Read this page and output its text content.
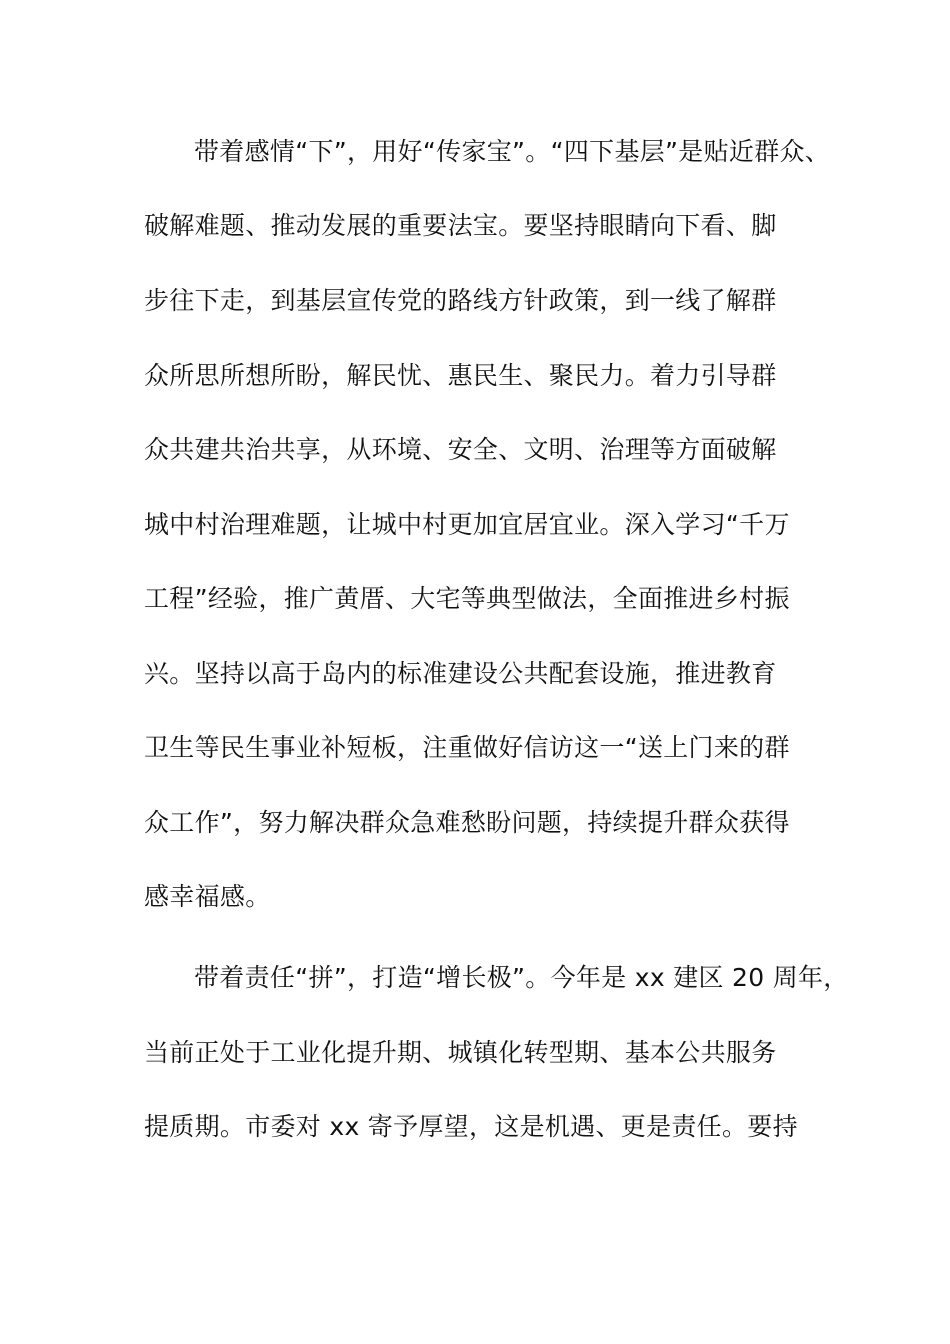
带着感情“下”，用好“传家宝”。“四下基层”是贴近群众、
破解难题、推动发展的重要法宝。要坚持眼睛向下看、脚
步往下走，到基层宣传党的路线方针政策，到一线了解群
众所思所想所盼，解民忧、惠民生、聚民力。着力引导群
众共建共治共享，从环境、安全、文明、治理等方面破解
城中村治理难题，让城中村更加宜居宜业。深入学习“千万
工程”经验，推广黄厝、大宅等典型做法，全面推进乡村振
兴。坚持以高于岛内的标准建设公共配套设施，推进教育
卫生等民生事业补短板，注重做好信访这一“送上门来的群
众工作”，努力解决群众急难愁盼问题，持续提升群众获得
感幸福感。
带着责任“拼”，打造“增长极”。今年是 xx 建区 20 周年，
当前正处于工业化提升期、城镇化转型期、基本公共服务
提质期。市委对 xx 寄予厚望，这是机遇、更是责任。要持
